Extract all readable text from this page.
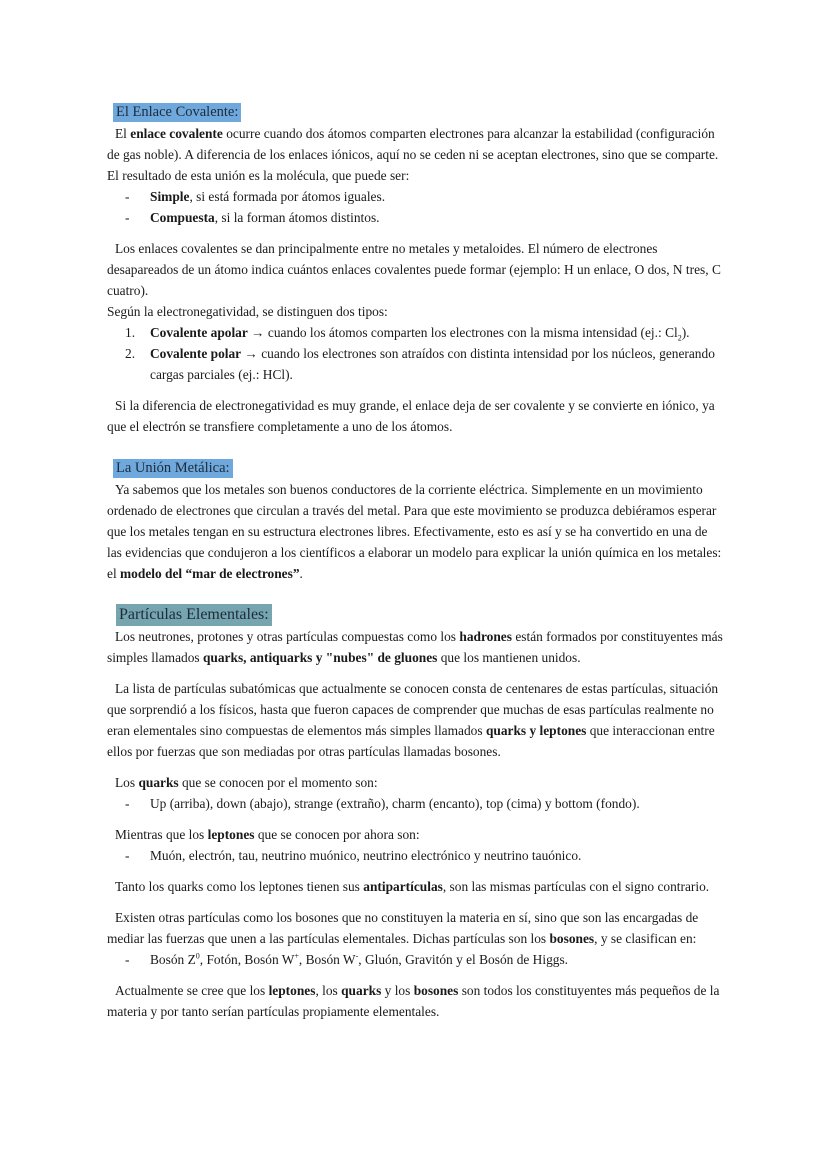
El Enlace Covalente:
El enlace covalente ocurre cuando dos átomos comparten electrones para alcanzar la estabilidad (configuración de gas noble). A diferencia de los enlaces iónicos, aquí no se ceden ni se aceptan electrones, sino que se comparte. El resultado de esta unión es la molécula, que puede ser:
- Simple, si está formada por átomos iguales.
- Compuesta, si la forman átomos distintos.
Los enlaces covalentes se dan principalmente entre no metales y metaloides. El número de electrones desapareados de un átomo indica cuántos enlaces covalentes puede formar (ejemplo: H un enlace, O dos, N tres, C cuatro).
Según la electronegatividad, se distinguen dos tipos:
1. Covalente apolar → cuando los átomos comparten los electrones con la misma intensidad (ej.: $Cl_2$).
2. Covalente polar → cuando los electrones son atraídos con distinta intensidad por los núcleos, generando cargas parciales (ej.: HCl).
Si la diferencia de electronegatividad es muy grande, el enlace deja de ser covalente y se convierte en iónico, ya que el electrón se transfiere completamente a uno de los átomos.
La Unión Metálica:
Ya sabemos que los metales son buenos conductores de la corriente eléctrica. Simplemente en un movimiento ordenado de electrones que circulan a través del metal. Para que este movimiento se produzca debiéramos esperar que los metales tengan en su estructura electrones libres. Efectivamente, esto es así y se ha convertido en una de las evidencias que condujeron a los científicos a elaborar un modelo para explicar la unión química en los metales: el modelo del “mar de electrones”.
Partículas Elementales:
Los neutrones, protones y otras partículas compuestas como los hadrones están formados por constituyentes más simples llamados quarks, antiquarks y "nubes" de gluones que los mantienen unidos.
La lista de partículas subatómicas que actualmente se conocen consta de centenares de estas partículas, situación que sorprendió a los físicos, hasta que fueron capaces de comprender que muchas de esas partículas realmente no eran elementales sino compuestas de elementos más simples llamados quarks y leptones que interaccionan entre ellos por fuerzas que son mediadas por otras partículas llamadas bosones.
Los quarks que se conocen por el momento son:
- Up (arriba), down (abajo), strange (extraño), charm (encanto), top (cima) y bottom (fondo).
Mientras que los leptones que se conocen por ahora son:
- Muón, electrón, tau, neutrino muónico, neutrino electrónico y neutrino tauónico.
Tanto los quarks como los leptones tienen sus antipartículas, son las mismas partículas con el signo contrario.
Existen otras partículas como los bosones que no constituyen la materia en sí, sino que son las encargadas de mediar las fuerzas que unen a las partículas elementales. Dichas partículas son los bosones, y se clasifican en:
- Bosón $Z^0$, Fotón, Bosón W+, Bosón W-, Gluón, Gravitón y el Bosón de Higgs.
Actualmente se cree que los leptones, los quarks y los bosones son todos los constituyentes más pequeños de la materia y por tanto serían partículas propiamente elementales.
